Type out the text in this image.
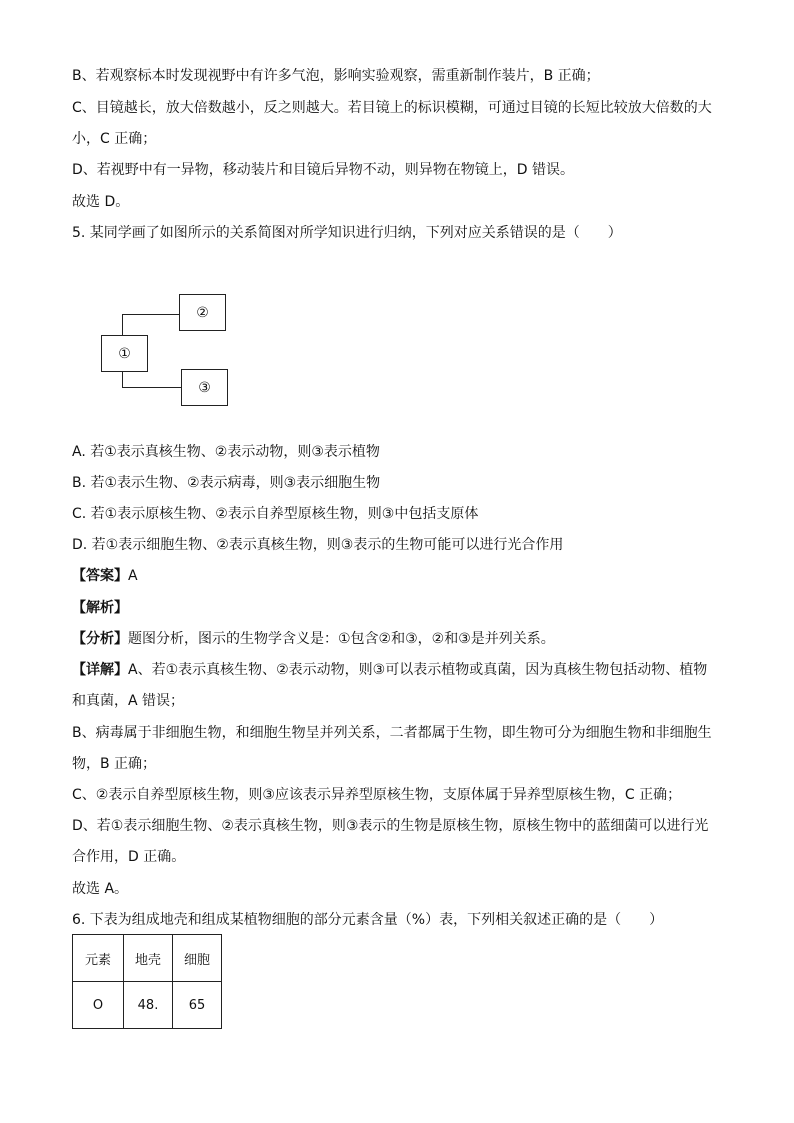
B、若观察标本时发现视野中有许多气泡，影响实验观察，需重新制作装片，B 正确；
C、目镜越长，放大倍数越小，反之则越大。若目镜上的标识模糊，可通过目镜的长短比较放大倍数的大
小，C 正确；
D、若视野中有一异物，移动装片和目镜后异物不动，则异物在物镜上，D 错误。
故选 D。
5. 某同学画了如图所示的关系简图对所学知识进行归纳，下列对应关系错误的是（　　）
①
②
③
A. 若①表示真核生物、②表示动物，则③表示植物
B. 若①表示生物、②表示病毒，则③表示细胞生物
C. 若①表示原核生物、②表示自养型原核生物，则③中包括支原体
D. 若①表示细胞生物、②表示真核生物，则③表示的生物可能可以进行光合作用
【答案】A
【解析】
【分析】题图分析，图示的生物学含义是：①包含②和③，②和③是并列关系。
【详解】A、若①表示真核生物、②表示动物，则③可以表示植物或真菌，因为真核生物包括动物、植物
和真菌，A 错误；
B、病毒属于非细胞生物，和细胞生物呈并列关系，二者都属于生物，即生物可分为细胞生物和非细胞生
物，B 正确；
C、②表示自养型原核生物，则③应该表示异养型原核生物，支原体属于异养型原核生物，C 正确；
D、若①表示细胞生物、②表示真核生物，则③表示的生物是原核生物，原核生物中的蓝细菌可以进行光
合作用，D 正确。
故选 A。
6. 下表为组成地壳和组成某植物细胞的部分元素含量（%）表，下列相关叙述正确的是（　　）
元素	地壳	细胞
O	48.	65
